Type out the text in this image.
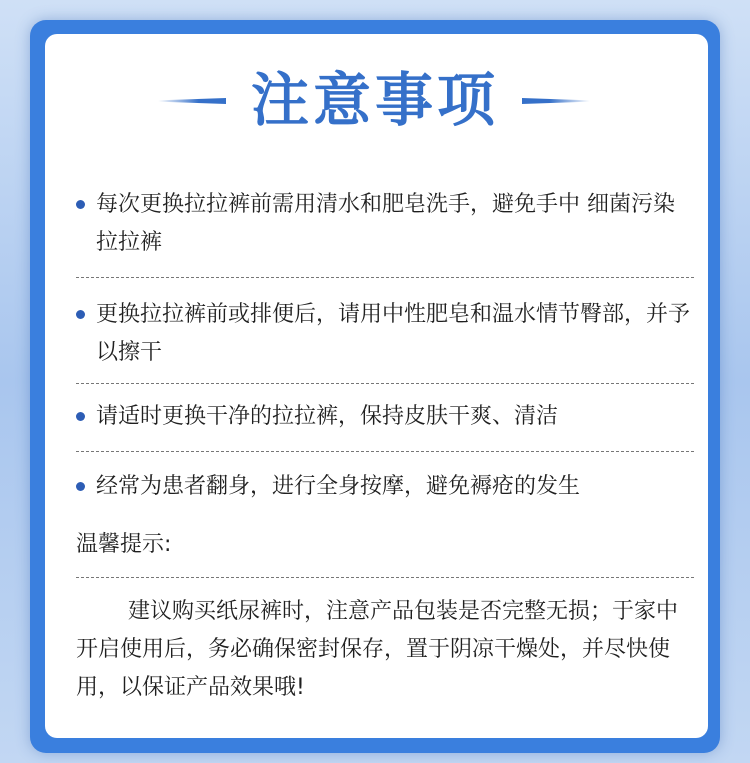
注意事项
每次更换拉拉裤前需用清水和肥皂洗手，避免手中 细菌污染拉拉裤
更换拉拉裤前或排便后，请用中性肥皂和温水情节臀部，并予以擦干
请适时更换干净的拉拉裤，保持皮肤干爽、清洁
经常为患者翻身，进行全身按摩，避免褥疮的发生
温馨提示:
建议购买纸尿裤时，注意产品包装是否完整无损；于家中开启使用后，务必确保密封保存，置于阴凉干燥处，并尽快使用，以保证产品效果哦!
